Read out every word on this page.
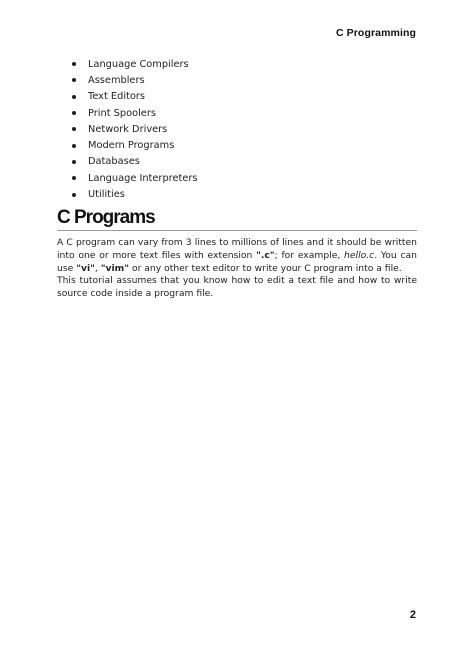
C Programming
Language Compilers
Assemblers
Text Editors
Print Spoolers
Network Drivers
Modern Programs
Databases
Language Interpreters
Utilities
C Programs

A C program can vary from 3 lines to millions of lines and it should be written into one or more text files with extension ".c"; for example, hello.c. You can use "vi", "vim" or any other text editor to write your C program into a file.

This tutorial assumes that you know how to edit a text file and how to write source code inside a program file.

2
